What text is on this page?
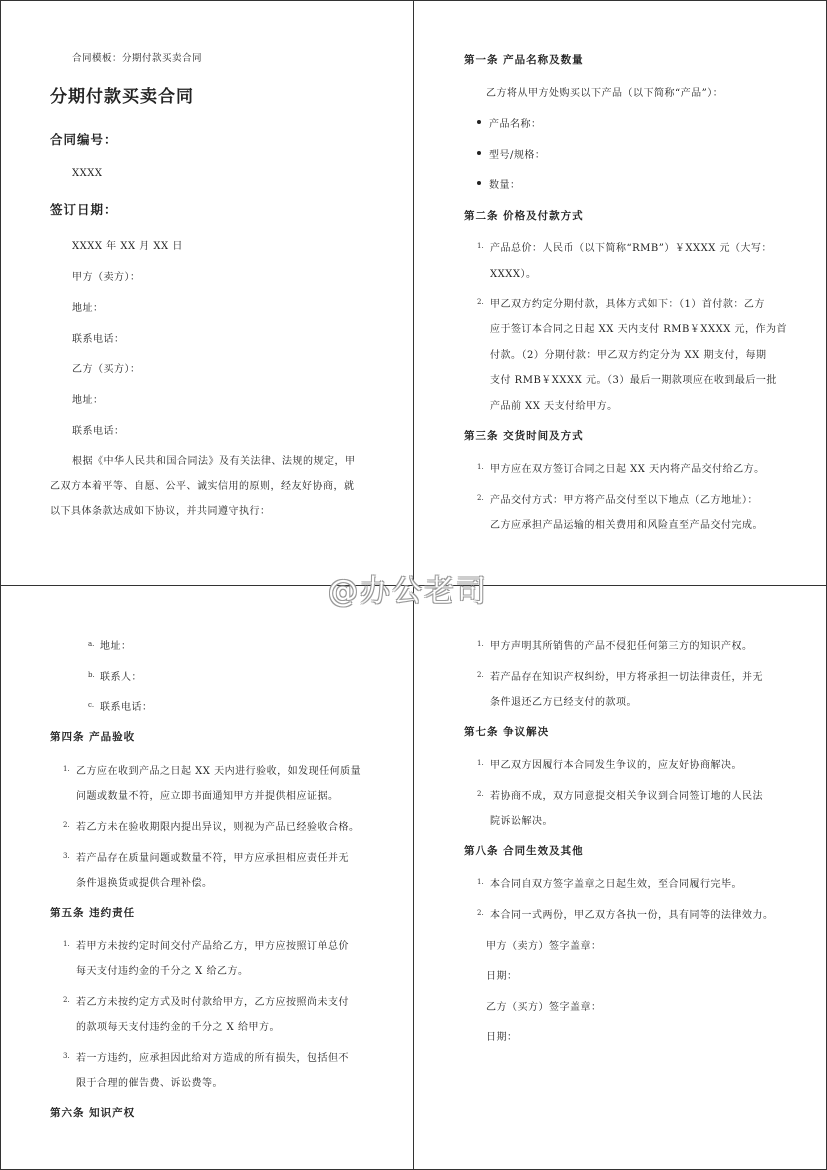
合同模板：分期付款买卖合同
分期付款买卖合同
合同编号：
XXXX
签订日期：
XXXX 年 XX 月 XX 日
甲方（卖方）：
地址：
联系电话：
乙方（买方）：
地址：
联系电话：
根据《中华人民共和国合同法》及有关法律、法规的规定，甲
乙双方本着平等、自愿、公平、诚实信用的原则，经友好协商，就
以下具体条款达成如下协议，并共同遵守执行：
第一条 产品名称及数量
乙方将从甲方处购买以下产品（以下简称“产品”）：
产品名称：
型号/规格：
数量：
第二条 价格及付款方式
1. 产品总价：人民币（以下简称“RMB”）￥XXXX 元（大写：
XXXX）。
2. 甲乙双方约定分期付款，具体方式如下：（1）首付款：乙方
应于签订本合同之日起 XX 天内支付 RMB￥XXXX 元，作为首
付款。（2）分期付款：甲乙双方约定分为 XX 期支付，每期
支付 RMB￥XXXX 元。（3）最后一期款项应在收到最后一批
产品前 XX 天支付给甲方。
第三条 交货时间及方式
1. 甲方应在双方签订合同之日起 XX 天内将产品交付给乙方。
2. 产品交付方式：甲方将产品交付至以下地点（乙方地址）：
乙方应承担产品运输的相关费用和风险直至产品交付完成。
a. 地址：
b. 联系人：
c. 联系电话：
第四条 产品验收
1. 乙方应在收到产品之日起 XX 天内进行验收，如发现任何质量
问题或数量不符，应立即书面通知甲方并提供相应证据。
2. 若乙方未在验收期限内提出异议，则视为产品已经验收合格。
3. 若产品存在质量问题或数量不符，甲方应承担相应责任并无
条件退换货或提供合理补偿。
第五条 违约责任
1. 若甲方未按约定时间交付产品给乙方，甲方应按照订单总价
每天支付违约金的千分之 X 给乙方。
2. 若乙方未按约定方式及时付款给甲方，乙方应按照尚未支付
的款项每天支付违约金的千分之 X 给甲方。
3. 若一方违约，应承担因此给对方造成的所有损失，包括但不
限于合理的催告费、诉讼费等。
第六条 知识产权
1. 甲方声明其所销售的产品不侵犯任何第三方的知识产权。
2. 若产品存在知识产权纠纷，甲方将承担一切法律责任，并无
条件退还乙方已经支付的款项。
第七条 争议解决
1. 甲乙双方因履行本合同发生争议的，应友好协商解决。
2. 若协商不成，双方同意提交相关争议到合同签订地的人民法
院诉讼解决。
第八条 合同生效及其他
1. 本合同自双方签字盖章之日起生效，至合同履行完毕。
2. 本合同一式两份，甲乙双方各执一份，具有同等的法律效力。
甲方（卖方）签字盖章：
日期：
乙方（买方）签字盖章：
日期：
@办公老司
